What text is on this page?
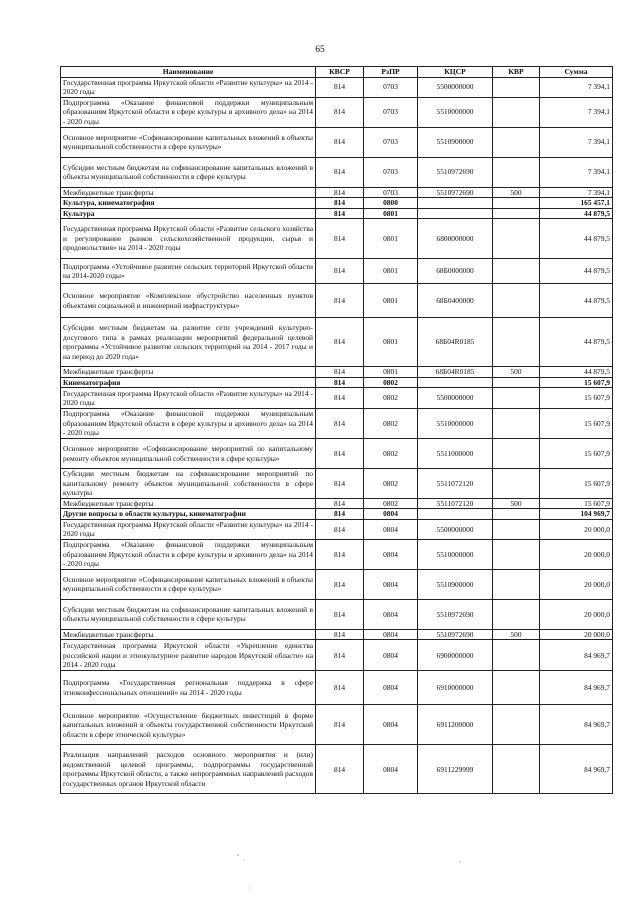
65
Наименование	КВСР	РзПР	КЦСР	КВР	Сумма
Государственная программа Иркутской области «Развитие культуры» на 2014 - 2020 годы	814	0703	5500000000		7 394,1
Подпрограмма «Оказание финансовой поддержки муниципальным образованиям Иркутской области в сфере культуры и архивного дела» на 2014 - 2020 годы	814	0703	5510000000		7 394,1
Основное мероприятие «Софинансирование капитальных вложений в объекты муниципальной собственности в сфере культуры»	814	0703	5510900000		7 394,1
Субсидии местным бюджетам на софинансирование капитальных вложений в объекты муниципальной собственности в сфере культуры	814	0703	5510972690		7 394,1
Межбюджетные трансферты	814	0703	5510972690	500	7 394,1
Культура, кинематография	814	0800			165 457,1
Культура	814	0801			44 879,5
Государственная программа Иркутской области «Развитие сельского хозяйства и регулирование рынков сельскохозяйственной продукции, сырья и продовольствия» на 2014 - 2020 годы	814	0801	6800000000		44 879,5
Подпрограмма «Устойчивое развитие сельских территорий Иркутской области на 2014-2020 годы»	814	0801	68Б0000000		44 879,5
Основное мероприятие «Комплексное обустройство населенных пунктов объектами социальной и инженерной инфраструктуры»	814	0801	68Б0400000		44 879,5
Субсидии местным бюджетам на развитие сети учреждений культурно-досугового типа в рамках реализации мероприятий федеральной целевой программы «Устойчивое развитие сельских территорий на 2014 - 2017 годы и на период до 2020 года»	814	0801	68Б04R0185		44 879,5
Межбюджетные трансферты	814	0801	68Б04R0185	500	44 879,5
Кинематография	814	0802			15 607,9
Государственная программа Иркутской области «Развитие культуры» на 2014 - 2020 годы	814	0802	5500000000		15 607,9
Подпрограмма «Оказание финансовой поддержки муниципальным образованиям Иркутской области в сфере культуры и архивного дела» на 2014 - 2020 годы	814	0802	5510000000		15 607,9
Основное мероприятие «Софинансирование мероприятий по капитальному ремонту объектов муниципальной собственности в сфере культуры»	814	0802	5511000000		15 607,9
Субсидии местным бюджетам на софинансирование мероприятий по капитальному ремонту объектов муниципальной собственности в сфере культуры	814	0802	5511072120		15 607,9
Межбюджетные трансферты	814	0802	5511072120	500	15 607,9
Другие вопросы в области культуры, кинематографии	814	0804			104 969,7
Государственная программа Иркутской области «Развитие культуры» на 2014 - 2020 годы	814	0804	5500000000		20 000,0
Подпрограмма «Оказание финансовой поддержки муниципальным образованиям Иркутской области в сфере культуры и архивного дела» на 2014 - 2020 годы	814	0804	5510000000		20 000,0
Основное мероприятие «Софинансирование капитальных вложений в объекты муниципальной собственности в сфере культуры»	814	0804	5510900000		20 000,0
Субсидии местным бюджетам на софинансирование капитальных вложений в объекты муниципальной собственности в сфере культуры	814	0804	5510972690		20 000,0
Межбюджетные трансферты	814	0804	5510972690	500	20 000,0
Государственная программа Иркутской области «Укрепление единства российской нации и этнокультурное развитие народов Иркутской области» на 2014 - 2020 годы	814	0804	6900000000		84 969,7
Подпрограмма «Государственная региональная поддержка в сфере этноконфессиональных отношений» на 2014 - 2020 годы	814	0804	6910000000		84 969,7
Основное мероприятие «Осуществление бюджетных инвестиций в форме капитальных вложений в объекты государственной собственности Иркутской области в сфере этнической культуры»	814	0804	6911200000		84 969,7
Реализация направлений расходов основного мероприятия и (или) ведомственной целевой программы, подпрограммы государственной программы Иркутской области, а также непрограммных направлений расходов государственных органов Иркутской области	814	0804	6911229999		84 969,7
